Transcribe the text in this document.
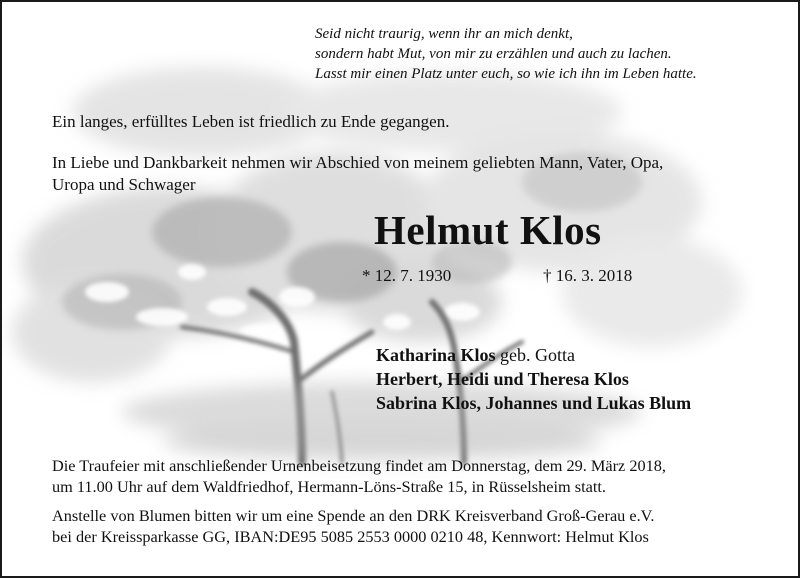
Seid nicht traurig, wenn ihr an mich denkt,
sondern habt Mut, von mir zu erzählen und auch zu lachen.
Lasst mir einen Platz unter euch, so wie ich ihn im Leben hatte.
Ein langes, erfülltes Leben ist friedlich zu Ende gegangen.
In Liebe und Dankbarkeit nehmen wir Abschied von meinem geliebten Mann, Vater, Opa,
Uropa und Schwager
Helmut Klos
* 12. 7. 1930	† 16. 3. 2018
Katharina Klos geb. Gotta
Herbert, Heidi und Theresa Klos
Sabrina Klos, Johannes und Lukas Blum
Die Traufeier mit anschließender Urnenbeisetzung findet am Donnerstag, dem 29. März 2018,
um 11.00 Uhr auf dem Waldfriedhof, Hermann-Löns-Straße 15, in Rüsselsheim statt.
Anstelle von Blumen bitten wir um eine Spende an den DRK Kreisverband Groß-Gerau e.V.
bei der Kreissparkasse GG, IBAN:DE95 5085 2553 0000 0210 48, Kennwort: Helmut Klos
